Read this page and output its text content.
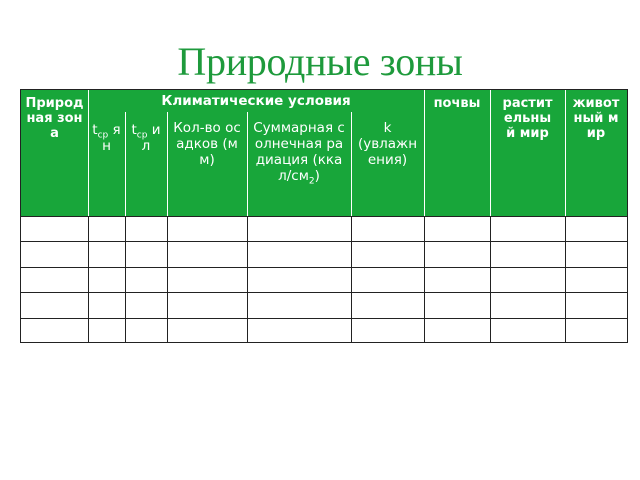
Природные зоны
Природная зона
Климатические условия
$t_{ср}$ ян
$t_{ср}$ ил
Кол-во осадков (мм)
Суммарная солнечная радиация $(ккал/см_2)$
k
(увлажнения)
почвы	растительный мир
животный мир
